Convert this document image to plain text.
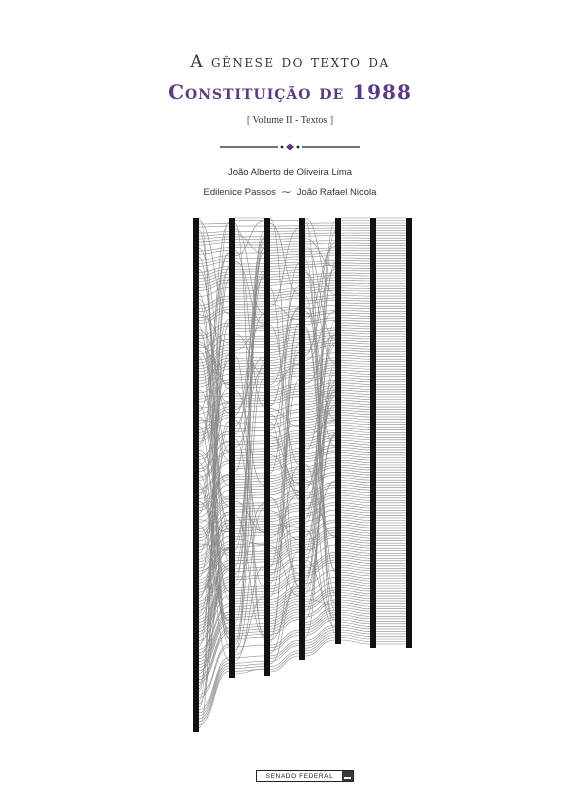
A gênese do texto da
Constituição de 1988
[ Volume II - Textos ]
João Alberto de Oliveira Lima
Edilenice Passos ⁓ João Rafael Nicola
SENADO FEDERAL
